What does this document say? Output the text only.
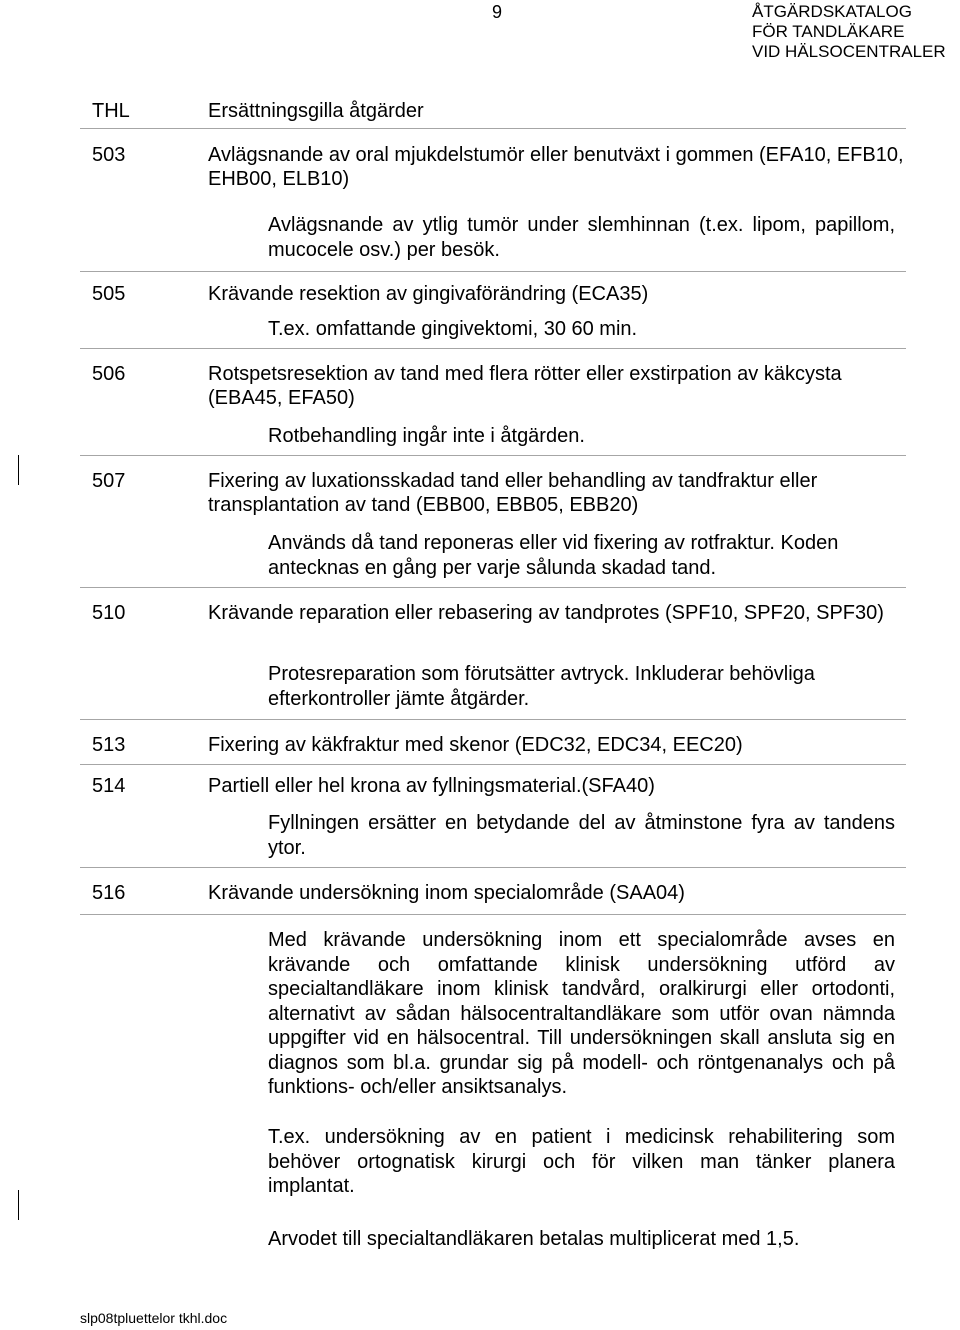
9	ÅTGÄRDSKATALOG
FÖR TANDLÄKARE
VID HÄLSOCENTRALER
THL	Ersättningsgilla åtgärder
503	Avlägsnande av oral mjukdelstumör eller benutväxt i gommen (EFA10, EFB10, EHB00, ELB10)
Avlägsnande av ytlig tumör under slemhinnan (t.ex. lipom, papillom, mucocele osv.) per besök.
505	Krävande resektion av gingivaförändring (ECA35)
T.ex. omfattande gingivektomi, 30 60 min.
506	Rotspetsresektion av tand med flera rötter eller exstirpation av käkcysta (EBA45, EFA50)
Rotbehandling ingår inte i åtgärden.
507	Fixering av luxationsskadad tand eller behandling av tandfraktur eller transplantation av tand (EBB00, EBB05, EBB20)
Används då tand reponeras eller vid fixering av rotfraktur. Koden antecknas en gång per varje sålunda skadad tand.
510	Krävande reparation eller rebasering av tandprotes (SPF10, SPF20, SPF30)
Protesreparation som förutsätter avtryck. Inkluderar behövliga efterkontroller jämte åtgärder.
513	Fixering av käkfraktur med skenor (EDC32, EDC34, EEC20)
514	Partiell eller hel krona av fyllningsmaterial.(SFA40)
Fyllningen ersätter en betydande del av åtminstone fyra av tandens ytor.
516	Krävande undersökning inom specialområde (SAA04)
Med krävande undersökning inom ett specialområde avses en krävande och omfattande klinisk undersökning utförd av specialtandläkare inom klinisk tandvård, oralkirurgi eller ortodonti, alternativt av sådan hälsocentraltandläkare som utför ovan nämnda uppgifter vid en hälsocentral. Till undersökningen skall ansluta sig en diagnos som bl.a. grundar sig på modell- och röntgenanalys och på funktions- och/eller ansiktsanalys.
T.ex. undersökning av en patient i medicinsk rehabilitering som behöver ortognatisk kirurgi och för vilken man tänker planera implantat.
Arvodet till specialtandläkaren betalas multiplicerat med 1,5.
slp08tpluettelor tkhl.doc
